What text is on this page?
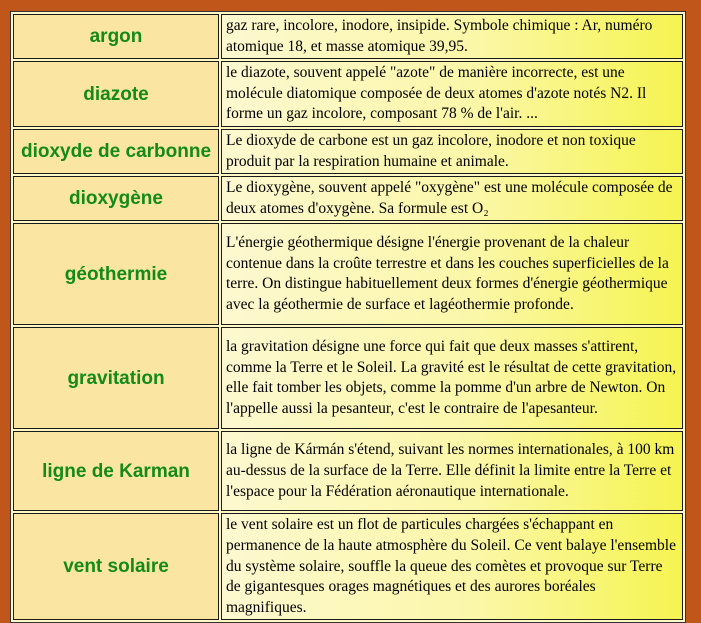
argon	gaz rare, incolore, inodore, insipide. Symbole chimique : Ar, numéro atomique 18, et masse atomique 39,95.
diazote	le diazote, souvent appelé "azote" de manière incorrecte, est une molécule diatomique composée de deux atomes d'azote notés N2. Il forme un gaz incolore, composant 78 % de l'air. ...
dioxyde de carbonne	Le dioxyde de carbone est un gaz incolore, inodore et non toxique produit par la respiration humaine et animale.
dioxygène	Le dioxygène, souvent appelé "oxygène" est une molécule composée de deux atomes d'oxygène. Sa formule est O₂
géothermie	L'énergie géothermique désigne l'énergie provenant de la chaleur contenue dans la croûte terrestre et dans les couches superficielles de la terre. On distingue habituellement deux formes d'énergie géothermique avec la géothermie de surface et lagéothermie profonde.
gravitation	la gravitation désigne une force qui fait que deux masses s'attirent, comme la Terre et le Soleil. La gravité est le résultat de cette gravitation, elle fait tomber les objets, comme la pomme d'un arbre de Newton. On l'appelle aussi la pesanteur, c'est le contraire de l'apesanteur.
ligne de Karman	la ligne de Kármán s'étend, suivant les normes internationales, à 100 km au-dessus de la surface de la Terre. Elle définit la limite entre la Terre et l'espace pour la Fédération aéronautique internationale.
vent solaire	le vent solaire est un flot de particules chargées s'échappant en permanence de la haute atmosphère du Soleil. Ce vent balaye l'ensemble du système solaire, souffle la queue des comètes et provoque sur Terre de gigantesques orages magnétiques et des aurores boréales magnifiques.
